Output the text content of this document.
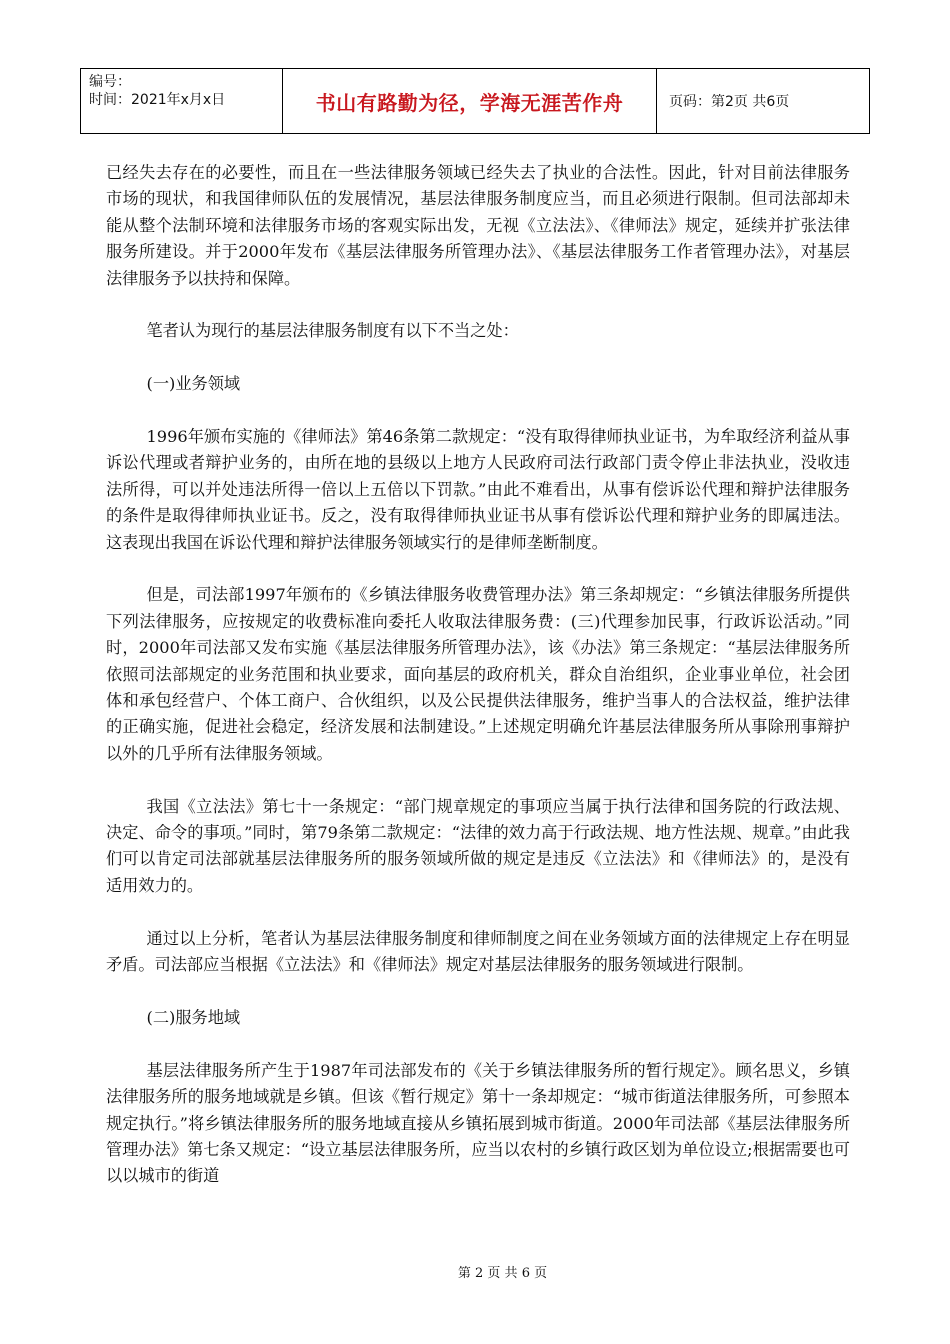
编号：
时间：2021年x月x日	书山有路勤为径，学海无涯苦作舟	页码：第2页 共6页

已经失去存在的必要性，而且在一些法律服务领域已经失去了执业的合法性。因此，针对目前法律服务市场的现状，和我国律师队伍的发展情况，基层法律服务制度应当，而且必须进行限制。但司法部却未能从整个法制环境和法律服务市场的客观实际出发，无视《立法法》、《律师法》规定，延续并扩张法律服务所建设。并于2000年发布《基层法律服务所管理办法》、《基层法律服务工作者管理办法》，对基层法律服务予以扶持和保障。

笔者认为现行的基层法律服务制度有以下不当之处：

(一)业务领域

1996年颁布实施的《律师法》第46条第二款规定：“没有取得律师执业证书，为牟取经济利益从事诉讼代理或者辩护业务的，由所在地的县级以上地方人民政府司法行政部门责令停止非法执业，没收违法所得，可以并处违法所得一倍以上五倍以下罚款。”由此不难看出，从事有偿诉讼代理和辩护法律服务的条件是取得律师执业证书。反之，没有取得律师执业证书从事有偿诉讼代理和辩护业务的即属违法。这表现出我国在诉讼代理和辩护法律服务领域实行的是律师垄断制度。

但是，司法部1997年颁布的《乡镇法律服务收费管理办法》第三条却规定：“乡镇法律服务所提供下列法律服务，应按规定的收费标准向委托人收取法律服务费：(三)代理参加民事，行政诉讼活动。”同时，2000年司法部又发布实施《基层法律服务所管理办法》，该《办法》第三条规定：“基层法律服务所依照司法部规定的业务范围和执业要求，面向基层的政府机关，群众自治组织，企业事业单位，社会团体和承包经营户、个体工商户、合伙组织，以及公民提供法律服务，维护当事人的合法权益，维护法律的正确实施，促进社会稳定，经济发展和法制建设。”上述规定明确允许基层法律服务所从事除刑事辩护以外的几乎所有法律服务领域。

我国《立法法》第七十一条规定：“部门规章规定的事项应当属于执行法律和国务院的行政法规、决定、命令的事项。”同时，第79条第二款规定：“法律的效力高于行政法规、地方性法规、规章。”由此我们可以肯定司法部就基层法律服务所的服务领域所做的规定是违反《立法法》和《律师法》的，是没有适用效力的。

通过以上分析，笔者认为基层法律服务制度和律师制度之间在业务领域方面的法律规定上存在明显矛盾。司法部应当根据《立法法》和《律师法》规定对基层法律服务的服务领域进行限制。

(二)服务地域

基层法律服务所产生于1987年司法部发布的《关于乡镇法律服务所的暂行规定》。顾名思义，乡镇法律服务所的服务地域就是乡镇。但该《暂行规定》第十一条却规定：“城市街道法律服务所，可参照本规定执行。”将乡镇法律服务所的服务地域直接从乡镇拓展到城市街道。2000年司法部《基层法律服务所管理办法》第七条又规定：“设立基层法律服务所，应当以农村的乡镇行政区划为单位设立;根据需要也可以以城市的街道

第 2 页 共 6 页
